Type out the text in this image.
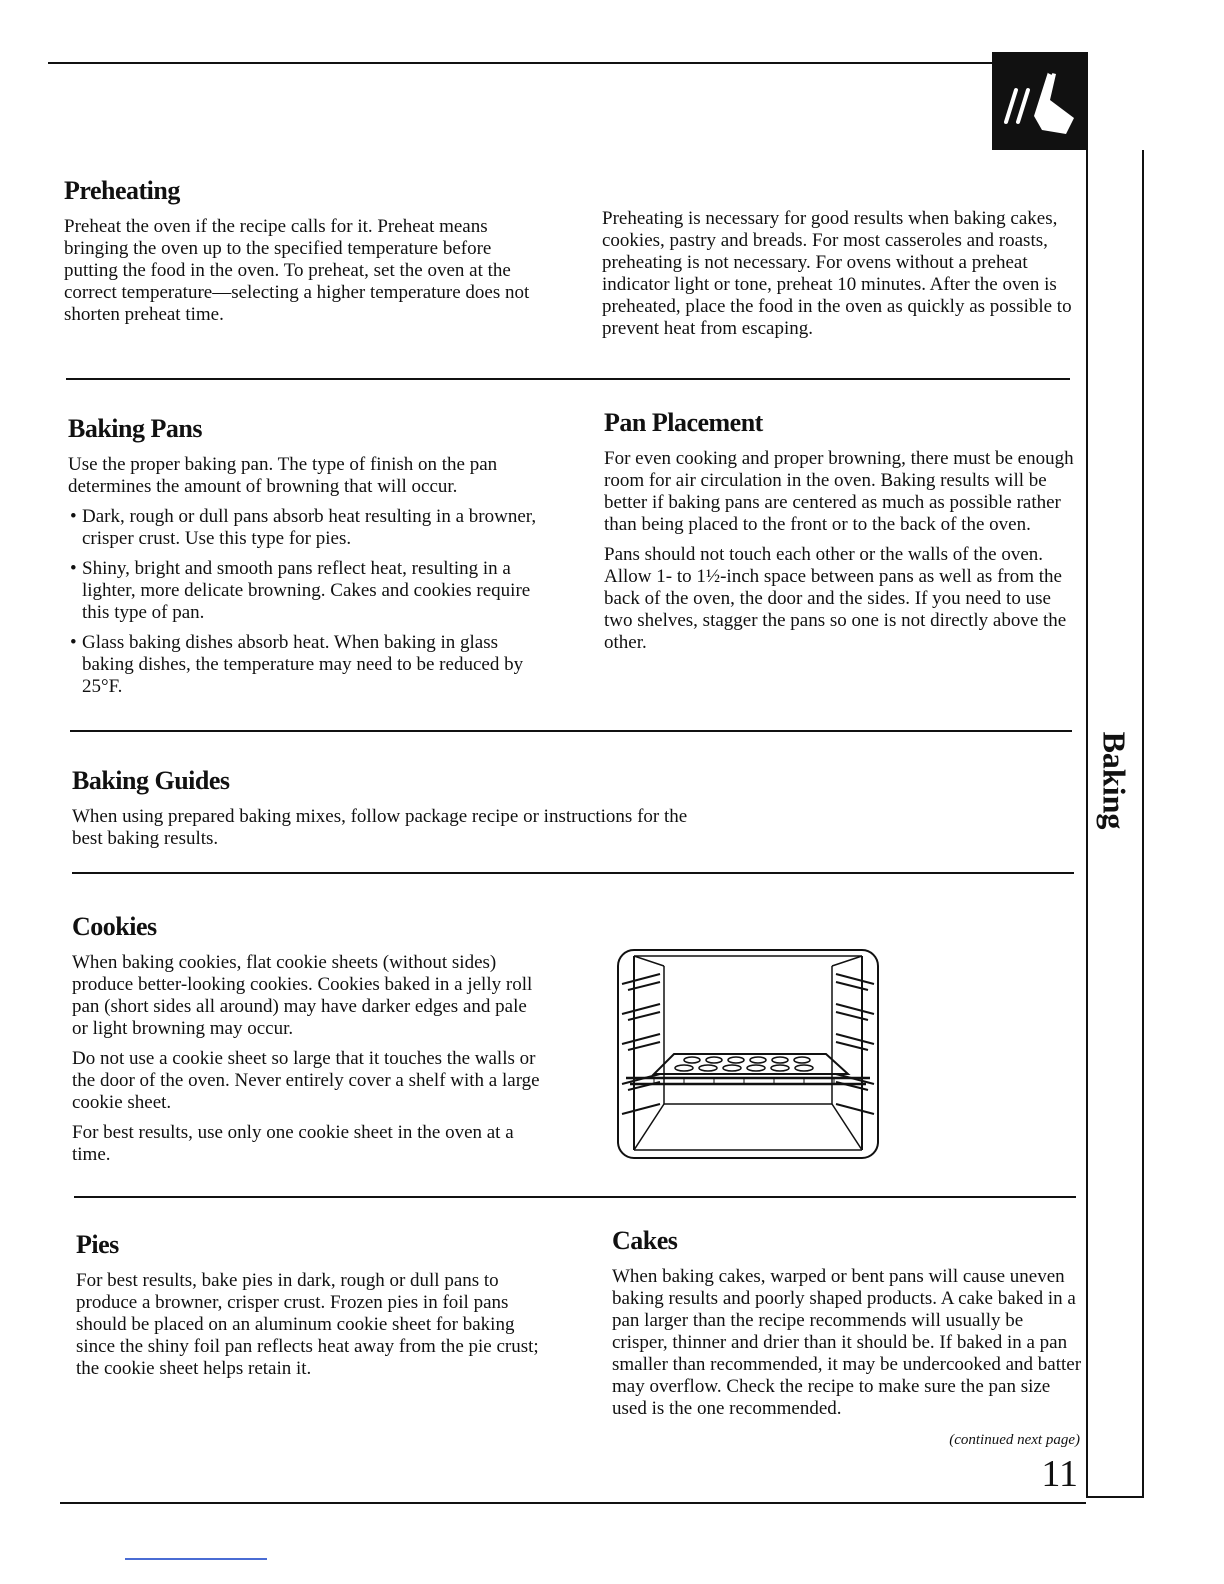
Baking
Preheating

Preheat the oven if the recipe calls for it. Preheat means bringing the oven up to the specified temperature before putting the food in the oven. To preheat, set the oven at the correct temperature—selecting a higher temperature does not shorten preheat time.

Preheating is necessary for good results when baking cakes, cookies, pastry and breads. For most casseroles and roasts, preheating is not necessary. For ovens without a preheat indicator light or tone, preheat 10 minutes. After the oven is preheated, place the food in the oven as quickly as possible to prevent heat from escaping.

Baking Pans

Use the proper baking pan. The type of finish on the pan determines the amount of browning that will occur.

• Dark, rough or dull pans absorb heat resulting in a browner, crisper crust. Use this type for pies.
• Shiny, bright and smooth pans reflect heat, resulting in a lighter, more delicate browning. Cakes and cookies require this type of pan.
• Glass baking dishes absorb heat. When baking in glass baking dishes, the temperature may need to be reduced by 25°F.
Pan Placement

For even cooking and proper browning, there must be enough room for air circulation in the oven. Baking results will be better if baking pans are centered as much as possible rather than being placed to the front or to the back of the oven.

Pans should not touch each other or the walls of the oven. Allow 1- to 1½-inch space between pans as well as from the back of the oven, the door and the sides. If you need to use two shelves, stagger the pans so one is not directly above the other.

Baking Guides

When using prepared baking mixes, follow package recipe or instructions for the best baking results.

Cookies

When baking cookies, flat cookie sheets (without sides) produce better-looking cookies. Cookies baked in a jelly roll pan (short sides all around) may have darker edges and pale or light browning may occur.

Do not use a cookie sheet so large that it touches the walls or the door of the oven. Never entirely cover a shelf with a large cookie sheet.

For best results, use only one cookie sheet in the oven at a time.

Pies

For best results, bake pies in dark, rough or dull pans to produce a browner, crisper crust. Frozen pies in foil pans should be placed on an aluminum cookie sheet for baking since the shiny foil pan reflects heat away from the pie crust; the cookie sheet helps retain it.

Cakes

When baking cakes, warped or bent pans will cause uneven baking results and poorly shaped products. A cake baked in a pan larger than the recipe recommends will usually be crisper, thinner and drier than it should be. If baked in a pan smaller than recommended, it may be undercooked and batter may overflow. Check the recipe to make sure the pan size used is the one recommended.

(continued next page)
11
